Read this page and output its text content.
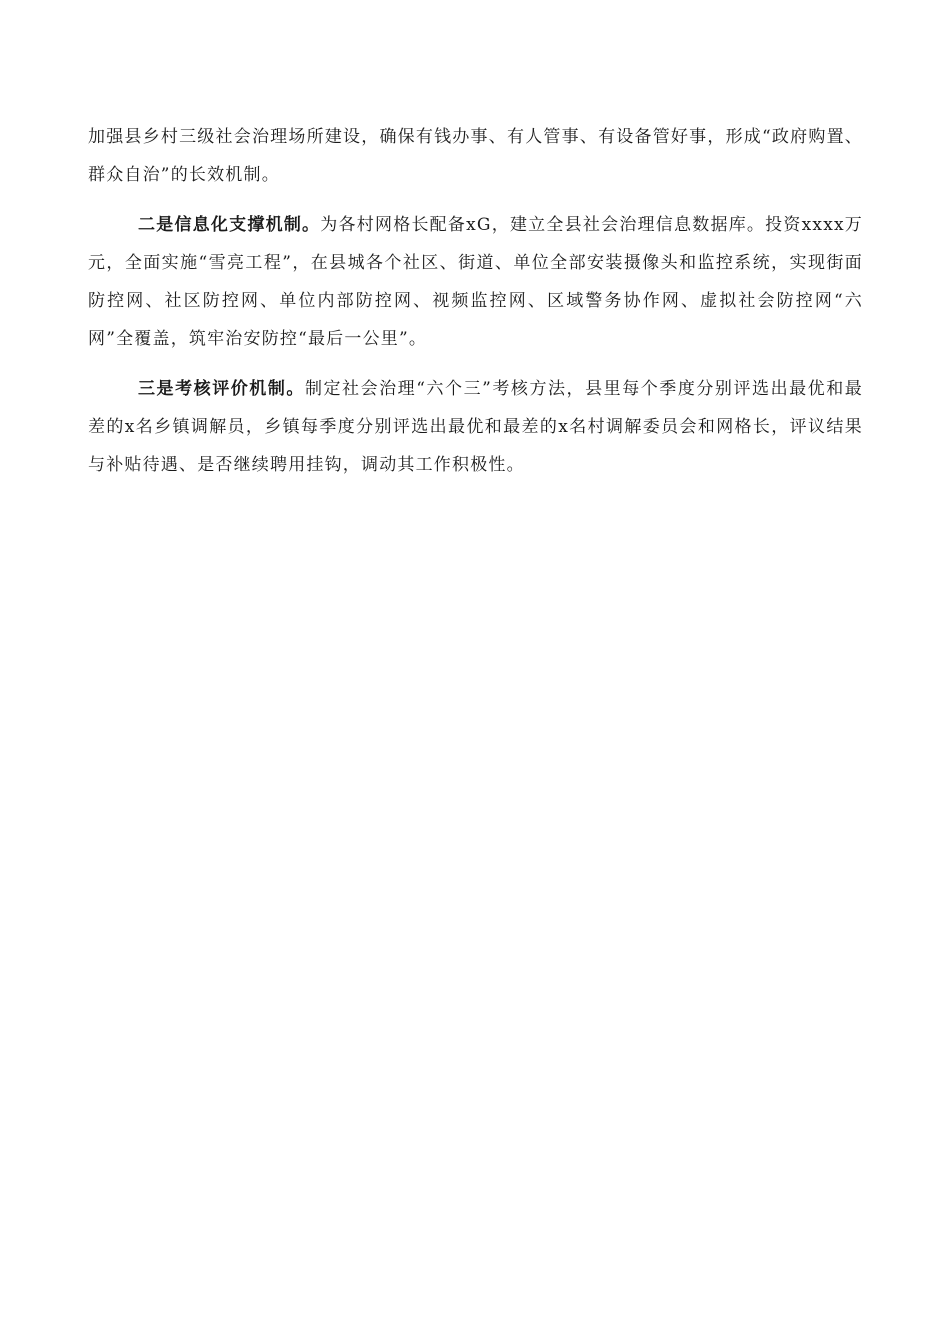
加强县乡村三级社会治理场所建设，确保有钱办事、有人管事、有设备管好事，形成“政府购置、群众自治”的长效机制。

二是信息化支撑机制。为各村网格长配备xG，建立全县社会治理信息数据库。投资xxxx万元，全面实施“雪亮工程”，在县城各个社区、街道、单位全部安装摄像头和监控系统，实现街面防控网、社区防控网、单位内部防控网、视频监控网、区域警务协作网、虚拟社会防控网“六网”全覆盖，筑牢治安防控“最后一公里”。

三是考核评价机制。制定社会治理“六个三”考核方法，县里每个季度分别评选出最优和最差的x名乡镇调解员，乡镇每季度分别评选出最优和最差的x名村调解委员会和网格长，评议结果与补贴待遇、是否继续聘用挂钩，调动其工作积极性。
